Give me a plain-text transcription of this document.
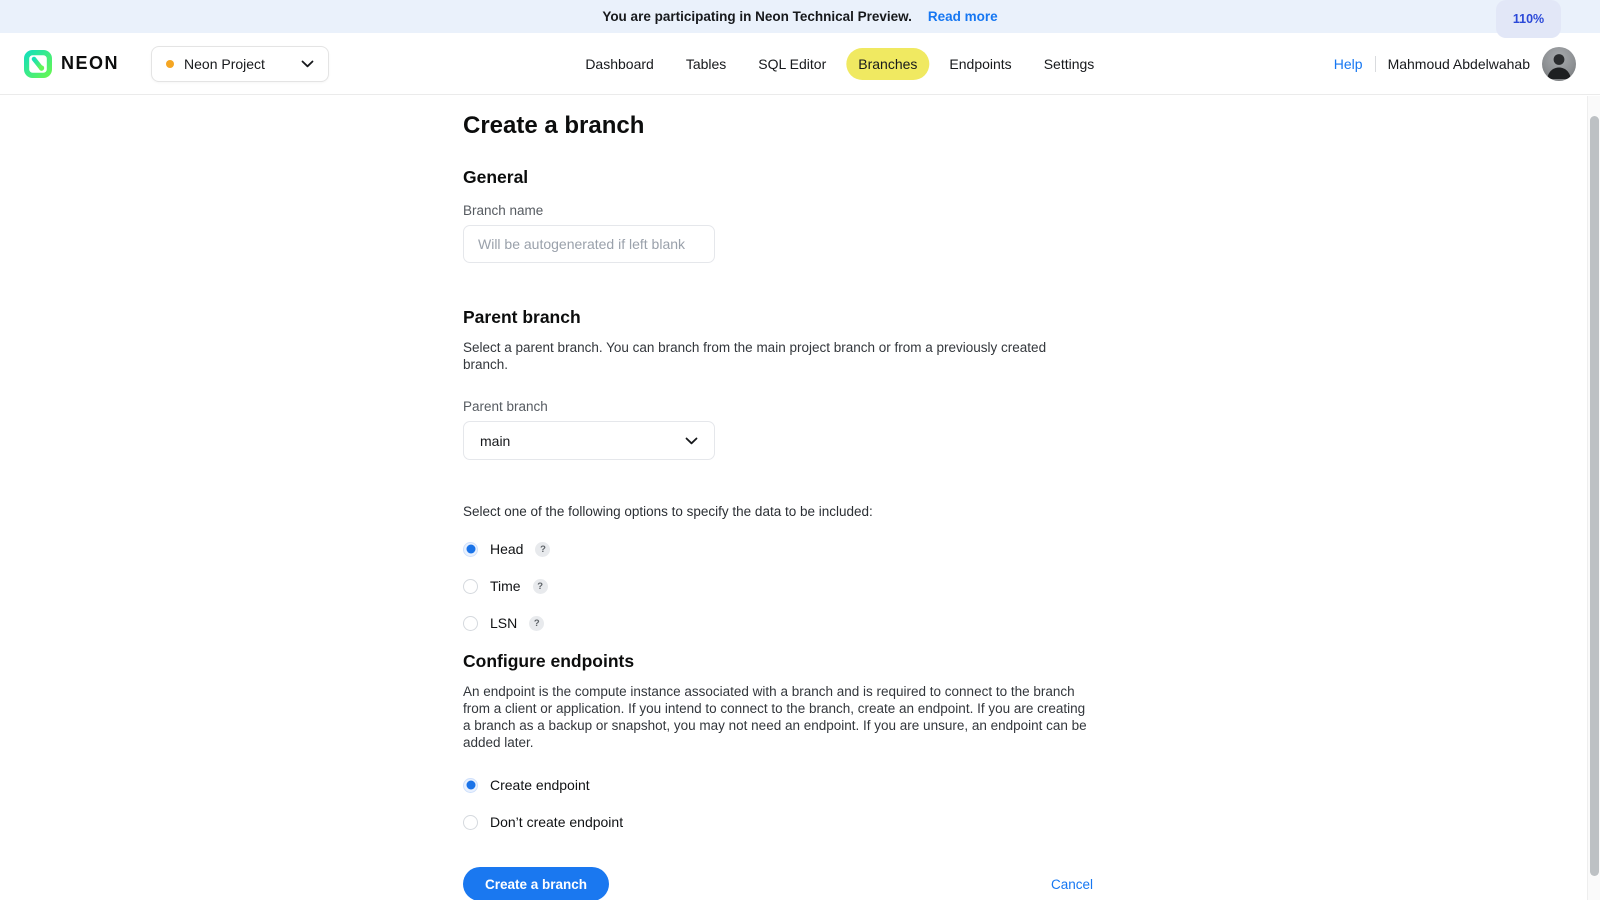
You are participating in Neon Technical Preview. Read more	110%
NEON	Neon Project	Dashboard	Tables	SQL Editor	Branches	Endpoints	Settings	Help Mahmoud Abdelwahab
Create a branch
General
Branch name
Will be autogenerated if left blank
Parent branch
Select a parent branch. You can branch from the main project branch or from a previously created branch.
Parent branch
main
Select one of the following options to specify the data to be included:
Head	?
Time	?
LSN	?
Configure endpoints
An endpoint is the compute instance associated with a branch and is required to connect to the branch from a client or application. If you intend to connect to the branch, create an endpoint. If you are creating a branch as a backup or snapshot, you may not need an endpoint. If you are unsure, an endpoint can be added later.
Create endpoint
Don’t create endpoint
Create a branch	Cancel
